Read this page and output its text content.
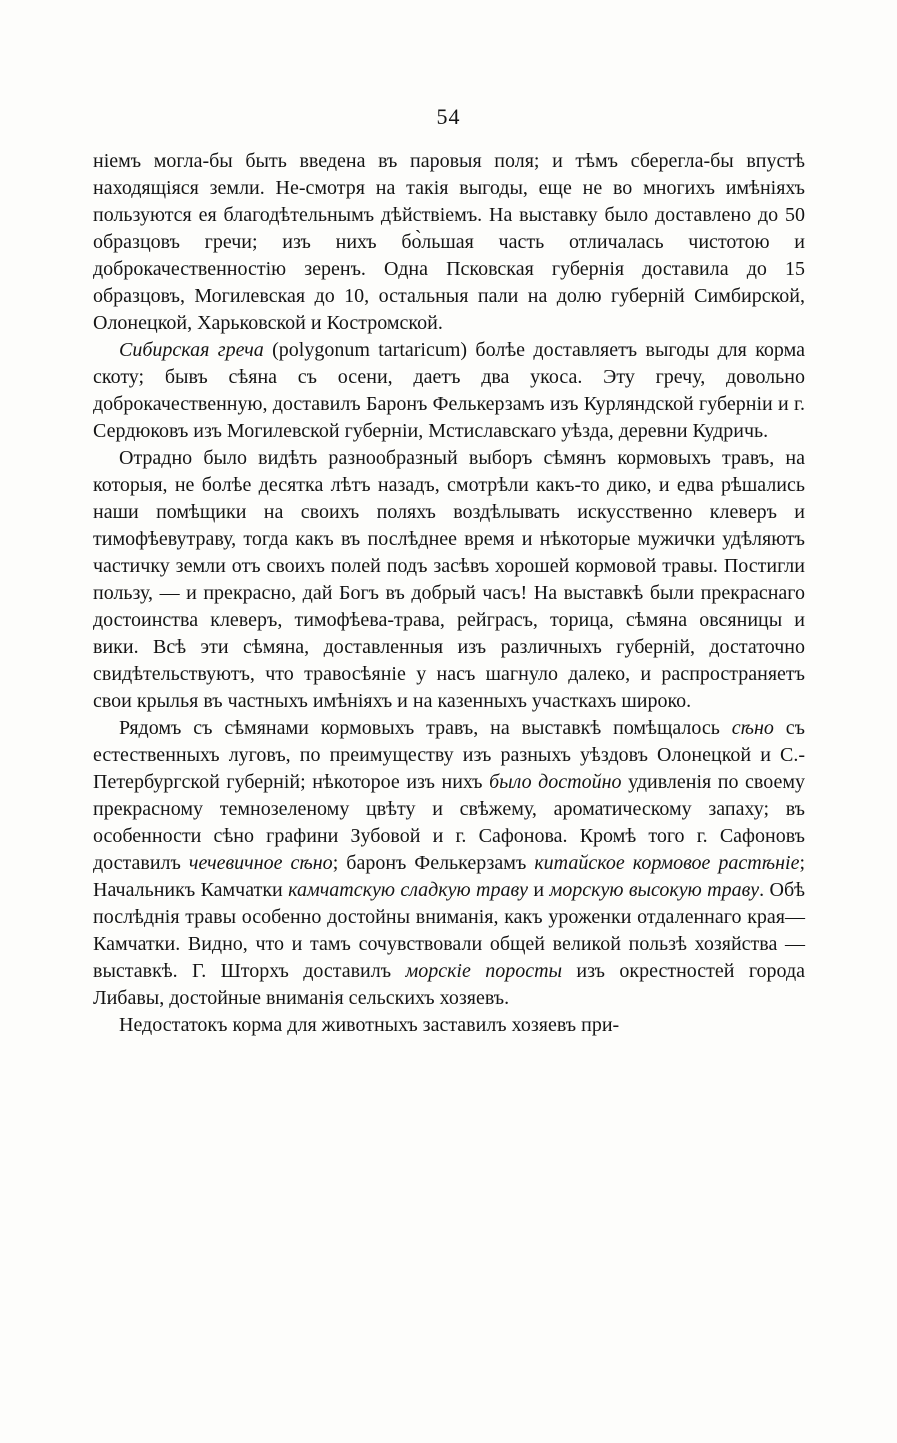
54

ніемъ могла-бы быть введена въ паровыя поля; и тѣмъ сберегла-бы впустѣ находящіяся земли. Не-смотря на такія выгоды, еще не во многихъ имѣніяхъ пользуются ея благодѣтельнымъ дѣйствіемъ. На выставку было доставлено до 50 образцовъ гречи; изъ нихъ бо̀льшая часть отличалась чистотою и доброкачественностію зеренъ. Одна Псковская губернія доставила до 15 образцовъ, Могилевская до 10, остальныя пали на долю губерній Симбирской, Олонецкой, Харьковской и Костромской.

Сибирская греча (polygonum tartaricum) болѣе доставляетъ выгоды для корма скоту; бывъ сѣяна съ осени, даетъ два укоса. Эту гречу, довольно доброкачественную, доставилъ Баронъ Фелькерзамъ изъ Курляндской губерніи и г. Сердюковъ изъ Могилевской губерніи, Мстиславскаго уѣзда, деревни Кудричь.

Отрадно было видѣть разнообразный выборъ сѣмянъ кормовыхъ травъ, на которыя, не болѣе десятка лѣтъ назадъ, смотрѣли какъ-то дико, и едва рѣшались наши помѣщики на своихъ поляхъ воздѣлывать искусственно клеверъ и тимофѣевутраву, тогда какъ въ послѣднее время и нѣкоторые мужички удѣляютъ частичку земли отъ своихъ полей подъ засѣвъ хорошей кормовой травы. Постигли пользу, — и прекрасно, дай Богъ въ добрый часъ! На выставкѣ были прекраснаго достоинства клеверъ, тимофѣева-трава, рейграсъ, торица, сѣмяна овсяницы и вики. Всѣ эти сѣмяна, доставленныя изъ различныхъ губерній, достаточно свидѣтельствуютъ, что травосѣяніе у насъ шагнуло далеко, и распространяетъ свои крылья въ частныхъ имѣніяхъ и на казенныхъ участкахъ широко.

Рядомъ съ сѣмянами кормовыхъ травъ, на выставкѣ помѣщалось сѣно съ естественныхъ луговъ, по преимуществу изъ разныхъ уѣздовъ Олонецкой и С.-Петербургской губерній; нѣкоторое изъ нихъ было достойно удивленія по своему прекрасному темнозеленому цвѣту и свѣжему, ароматическому запаху; въ особенности сѣно графини Зубовой и г. Сафонова. Кромѣ того г. Сафоновъ доставилъ чечевичное сѣно; баронъ Фелькерзамъ китайское кормовое растѣніе; Начальникъ Камчатки камчатскую сладкую траву и морскую высокую траву. Обѣ послѣднія травы особенно достойны вниманія, какъ уроженки отдаленнаго края—Камчатки. Видно, что и тамъ сочувствовали общей великой пользѣ хозяйства — выставкѣ. Г. Шторхъ доставилъ морскіе поросты изъ окрестностей города Либавы, достойные вниманія сельскихъ хозяевъ.

Недостатокъ корма для животныхъ заставилъ хозяевъ при-
